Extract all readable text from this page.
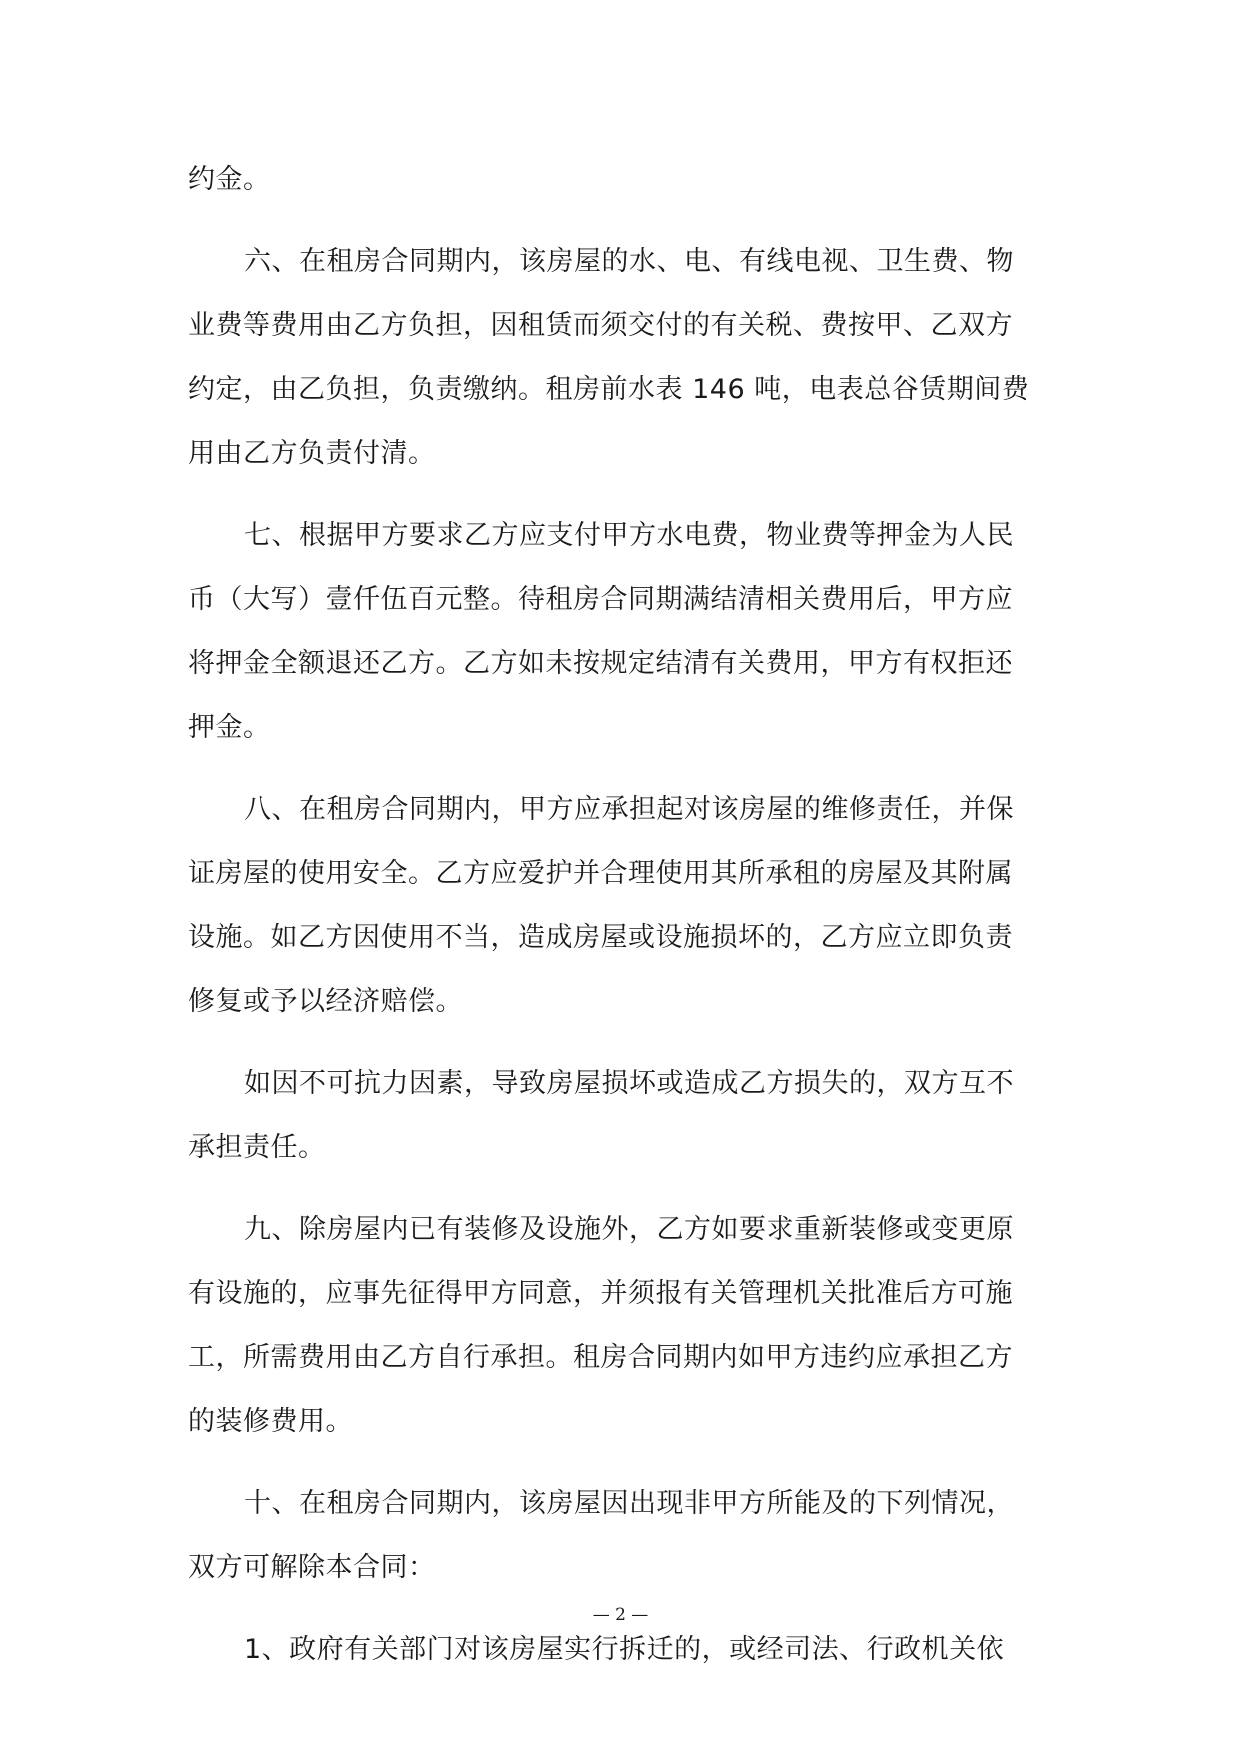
约金。
六、在租房合同期内，该房屋的水、电、有线电视、卫生费、物
业费等费用由乙方负担，因租赁而须交付的有关税、费按甲、乙双方
约定，由乙负担，负责缴纳。租房前水表 146 吨，电表总谷赁期间费
用由乙方负责付清。
七、根据甲方要求乙方应支付甲方水电费，物业费等押金为人民
币（大写）壹仟伍百元整。待租房合同期满结清相关费用后，甲方应
将押金全额退还乙方。乙方如未按规定结清有关费用，甲方有权拒还
押金。
八、在租房合同期内，甲方应承担起对该房屋的维修责任，并保
证房屋的使用安全。乙方应爱护并合理使用其所承租的房屋及其附属
设施。如乙方因使用不当，造成房屋或设施损坏的，乙方应立即负责
修复或予以经济赔偿。
如因不可抗力因素，导致房屋损坏或造成乙方损失的，双方互不
承担责任。
九、除房屋内已有装修及设施外，乙方如要求重新装修或变更原
有设施的，应事先征得甲方同意，并须报有关管理机关批准后方可施
工，所需费用由乙方自行承担。租房合同期内如甲方违约应承担乙方
的装修费用。
十、在租房合同期内，该房屋因出现非甲方所能及的下列情况，
双方可解除本合同：
1、政府有关部门对该房屋实行拆迁的，或经司法、行政机关依
— 2 —
